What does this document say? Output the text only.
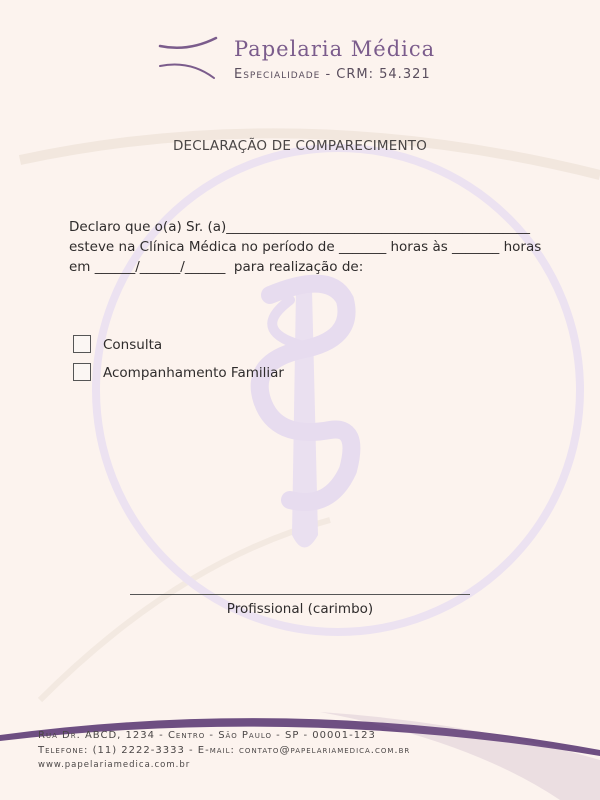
Papelaria Médica
Especialidade - CRM: 54.321
DECLARAÇÃO DE COMPARECIMENTO
Declaro que o(a) Sr. (a)_____________________________________________
esteve na Clínica Médica no período de _______ horas às _______ horas
em ______/______/______  para realização de:
Consulta
Acompanhamento Familiar
Profissional (carimbo)
Rua Dr. ABCD, 1234 - Centro - São Paulo - SP - 00001-123
Telefone: (11) 2222-3333 - E-mail: contato@papelariamedica.com.br
www.papelariamedica.com.br
